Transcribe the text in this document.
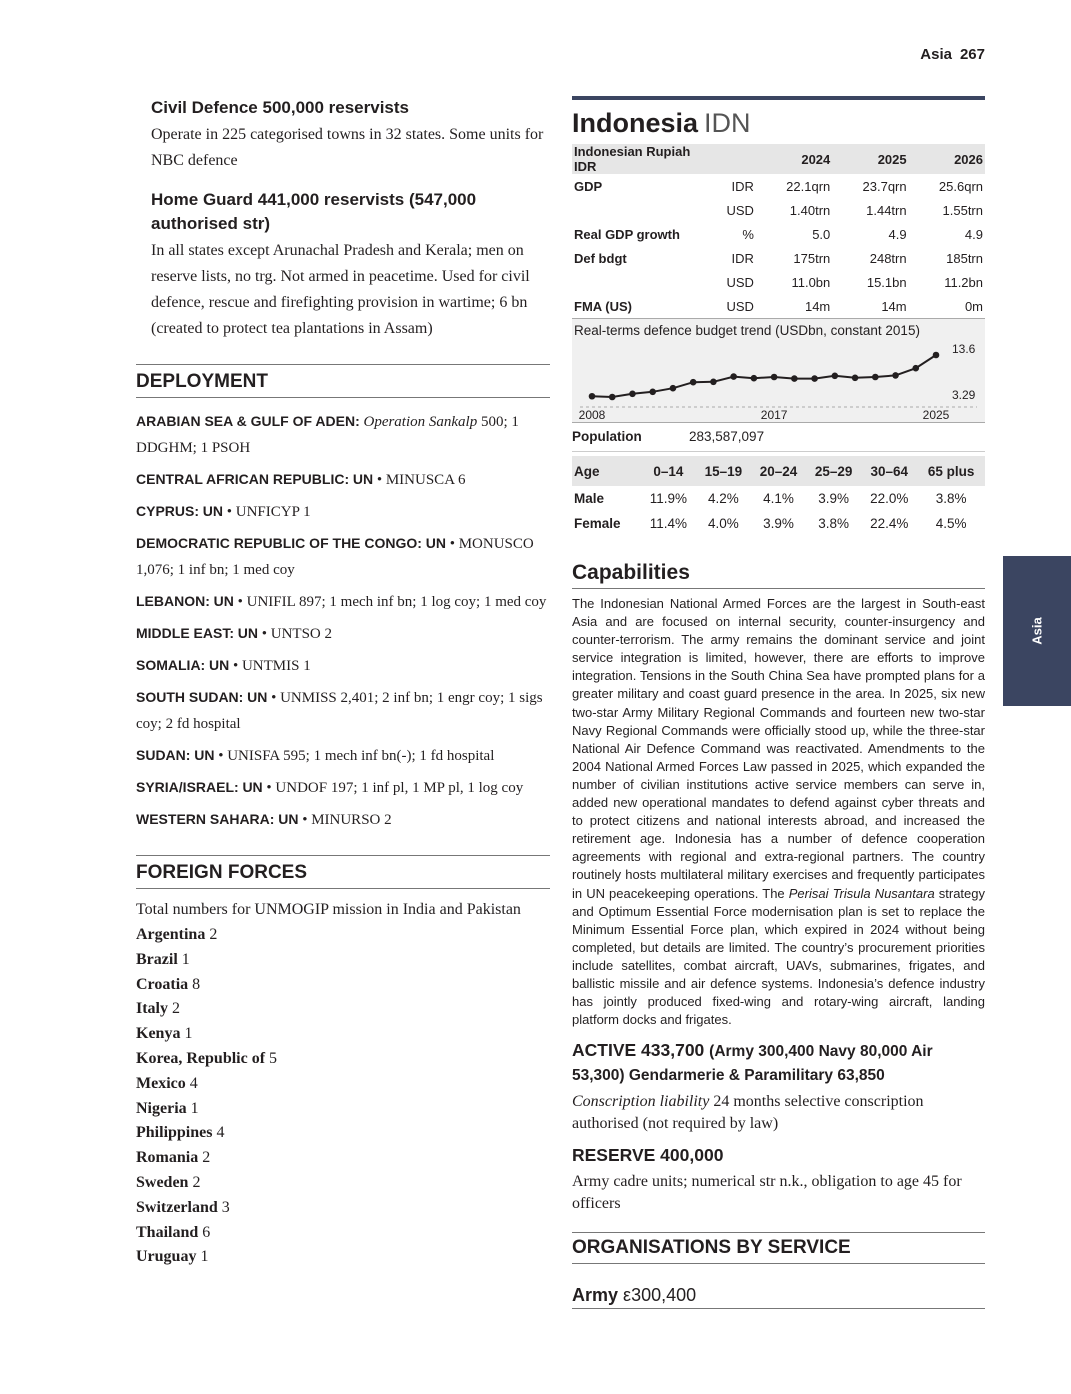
Asia 267
Asia
Civil Defence 500,000 reservists
Operate in 225 categorised towns in 32 states. Some units for NBC defence
Home Guard 441,000 reservists (547,000 authorised str)
In all states except Arunachal Pradesh and Kerala; men on reserve lists, no trg. Not armed in peacetime. Used for civil defence, rescue and firefighting provision in wartime; 6 bn (created to protect tea plantations in Assam)
DEPLOYMENT
ARABIAN SEA & GULF OF ADEN: Operation Sankalp 500; 1 DDGHM; 1 PSOH
CENTRAL AFRICAN REPUBLIC: UN • MINUSCA 6
CYPRUS: UN • UNFICYP 1
DEMOCRATIC REPUBLIC OF THE CONGO: UN • MONUSCO 1,076; 1 inf bn; 1 med coy
LEBANON: UN • UNIFIL 897; 1 mech inf bn; 1 log coy; 1 med coy
MIDDLE EAST: UN • UNTSO 2
SOMALIA: UN • UNTMIS 1
SOUTH SUDAN: UN • UNMISS 2,401; 2 inf bn; 1 engr coy; 1 sigs coy; 2 fd hospital
SUDAN: UN • UNISFA 595; 1 mech inf bn(-); 1 fd hospital
SYRIA/ISRAEL: UN • UNDOF 197; 1 inf pl, 1 MP pl, 1 log coy
WESTERN SAHARA: UN • MINURSO 2
FOREIGN FORCES
Total numbers for UNMOGIP mission in India and Pakistan
Argentina 2
Brazil 1
Croatia 8
Italy 2
Kenya 1
Korea, Republic of 5
Mexico 4
Nigeria 1
Philippines 4
Romania 2
Sweden 2
Switzerland 3
Thailand 6
Uruguay 1
Indonesia IDN
Indonesian Rupiah IDR		2024	2025	2026
GDP	IDR	22.1qrn	23.7qrn	25.6qrn
	USD	1.40trn	1.44trn	1.55trn
Real GDP growth	%	5.0	4.9	4.9
Def bdgt	IDR	175trn	248trn	185trn
	USD	11.0bn	15.1bn	11.2bn
FMA (US)	USD	14m	14m	0m
Real-terms defence budget trend (USDbn, constant 2015)
2008	2017	2025
13.6
3.29
Population	283,587,097
Age	0–14	15–19	20–24	25–29	30–64	65 plus
Male	11.9%	4.2%	4.1%	3.9%	22.0%	3.8%
Female	11.4%	4.0%	3.9%	3.8%	22.4%	4.5%
Capabilities
The Indonesian National Armed Forces are the largest in South-east Asia and are focused on internal security, counter-insurgency and counter-terrorism. The army remains the dominant service and joint service integration is limited, however, there are efforts to improve integration. Tensions in the South China Sea have prompted plans for a greater military and coast guard presence in the area. In 2025, six new two-star Army Military Regional Commands and fourteen new two-star Navy Regional Commands were officially stood up, while the three-star National Air Defence Command was reactivated. Amendments to the 2004 National Armed Forces Law passed in 2025, which expanded the number of civilian institutions active service members can serve in, added new operational mandates to defend against cyber threats and to protect citizens and national interests abroad, and increased the retirement age. Indonesia has a number of defence cooperation agreements with regional and extra-regional partners. The country routinely hosts multilateral military exercises and frequently participates in UN peacekeeping operations. The Perisai Trisula Nusantara strategy and Optimum Essential Force modernisation plan is set to replace the Minimum Essential Force plan, which expired in 2024 without being completed, but details are limited. The country’s procurement priorities include satellites, combat aircraft, UAVs, submarines, frigates, and ballistic missile and air defence systems. Indonesia’s defence industry has jointly produced fixed-wing and rotary-wing aircraft, landing platform docks and frigates.
ACTIVE 433,700 (Army 300,400 Navy 80,000 Air 53,300) Gendarmerie & Paramilitary 63,850
Conscription liability 24 months selective conscription authorised (not required by law)
RESERVE 400,000
Army cadre units; numerical str n.k., obligation to age 45 for officers
ORGANISATIONS BY SERVICE
Army ε300,400
